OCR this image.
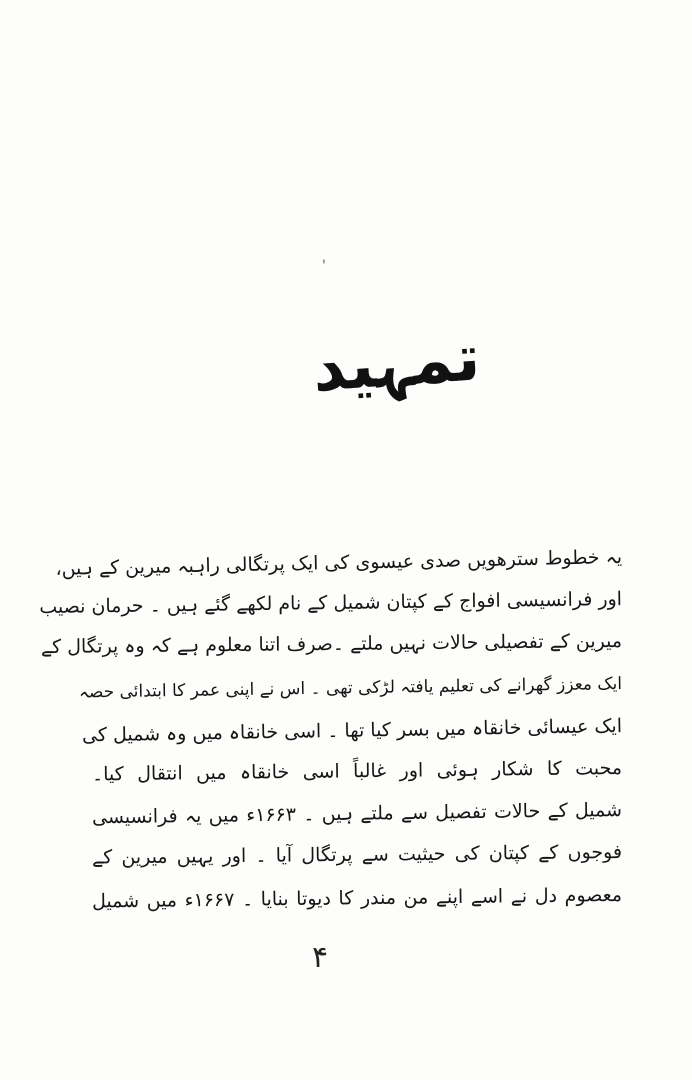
'
تمہید
یہ خطوط سترھویں صدی عیسوی کی ایک پرتگالی راہبہ میرین کے ہیں،
اور فرانسیسی افواج کے کپتان شمیل کے نام لکھے گئے ہیں ۔ حرمان نصیب
میرین کے تفصیلی حالات نہیں ملتے ۔صرف اتنا معلوم ہے کہ وہ پرتگال کے
ایک معزز گھرانے کی تعلیم یافتہ لڑکی تھی ۔ اس نے اپنی عمر کا ابتدائی حصہ
ایک عیسائی خانقاہ میں بسر کیا تھا ۔ اسی خانقاہ میں وہ شمیل کی
محبت کا شکار ہوئی اور غالباً اسی خانقاہ میں انتقال کیا۔
شمیل کے حالات تفصیل سے ملتے ہیں ۔ ۱۶۶۳ء میں یہ فرانسیسی
فوجوں کے کپتان کی حیثیت سے پرتگال آیا ۔ اور یہیں میرین کے
معصوم دل نے اسے اپنے من مندر کا دیوتا بنایا ۔ ۱۶۶۷ء میں شمیل
۴
